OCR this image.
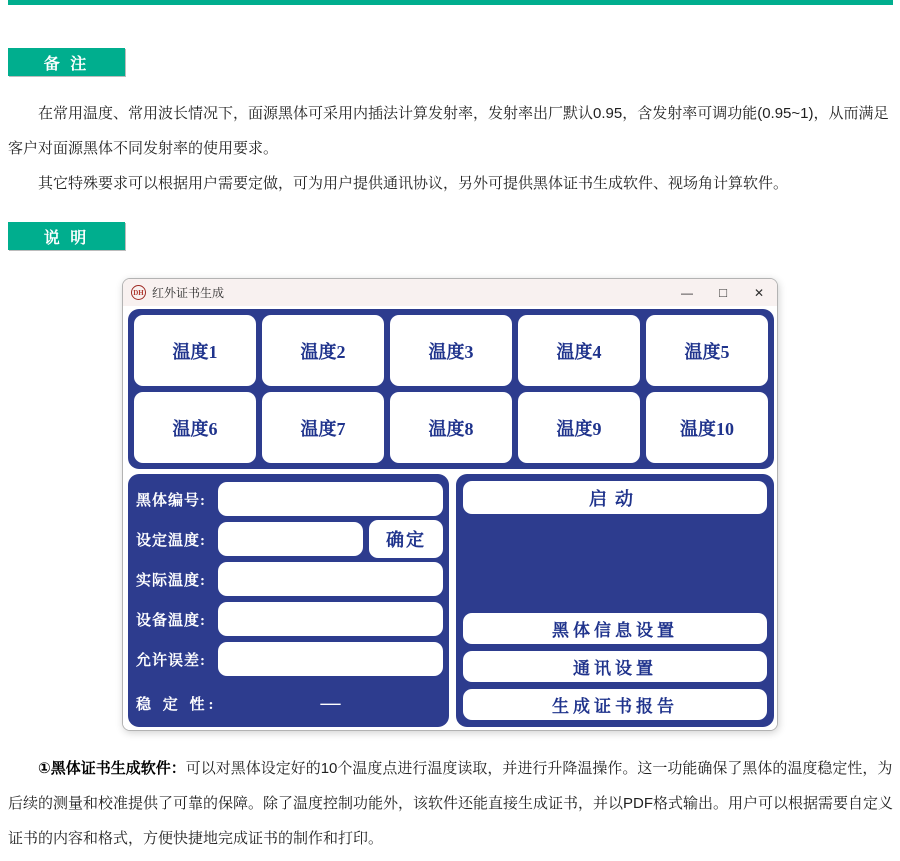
备 注

在常用温度、常用波长情况下，面源黑体可采用内插法计算发射率，发射率出厂默认0.95，含发射率可调功能(0.95~1)，从而满足客户对面源黑体不同发射率的使用要求。

其它特殊要求可以根据用户需要定做，可为用户提供通讯协议，另外可提供黑体证书生成软件、视场角计算软件。

说 明
DH 红外证书生成	—	□	✕
温度1	温度2	温度3	温度4	温度5
温度6	温度7	温度8	温度9	温度10
黑体编号:
设定温度:	确定
实际温度:
设备温度:
允许误差:
稳 定 性:	—
启动
黑体信息设置
通讯设置
生成证书报告
①黑体证书生成软件：可以对黑体设定好的10个温度点进行温度读取，并进行升降温操作。这一功能确保了黑体的温度稳定性，为后续的测量和校准提供了可靠的保障。除了温度控制功能外，该软件还能直接生成证书，并以PDF格式输出。用户可以根据需要自定义证书的内容和格式，方便快捷地完成证书的制作和打印。
